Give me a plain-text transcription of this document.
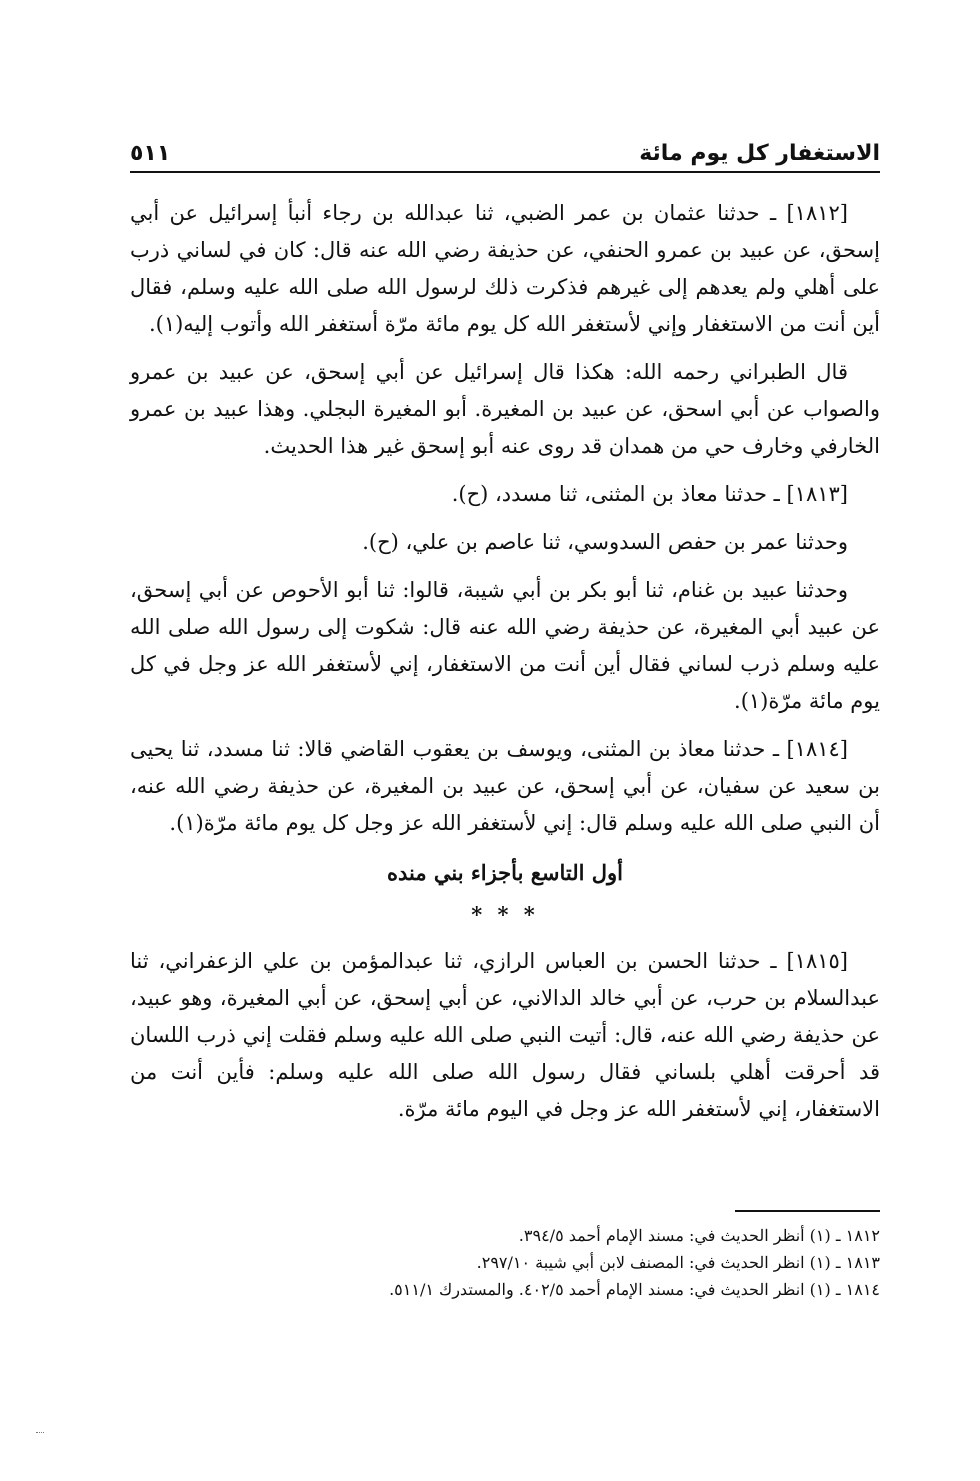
الاستغفار كل يوم مائة
٥١١

[١٨١٢] ـ حدثنا عثمان بن عمر الضبي، ثنا عبدالله بن رجاء أنبأ إسرائيل عن أبي إسحق، عن عبيد بن عمرو الحنفي، عن حذيفة رضي الله عنه قال: كان في لساني ذرب على أهلي ولم يعدهم إلى غيرهم فذكرت ذلك لرسول الله صلى الله عليه وسلم، فقال أين أنت من الاستغفار وإني لأستغفر الله كل يوم مائة مرّة أستغفر الله وأتوب إليه(١).

قال الطبراني رحمه الله: هكذا قال إسرائيل عن أبي إسحق، عن عبيد بن عمرو والصواب عن أبي اسحق، عن عبيد بن المغيرة. أبو المغيرة البجلي. وهذا عبيد بن عمرو الخارفي وخارف حي من همدان قد روى عنه أبو إسحق غير هذا الحديث.

[١٨١٣] ـ حدثنا معاذ بن المثنى، ثنا مسدد، (ح).

وحدثنا عمر بن حفص السدوسي، ثنا عاصم بن علي، (ح).

وحدثنا عبيد بن غنام، ثنا أبو بكر بن أبي شيبة، قالوا: ثنا أبو الأحوص عن أبي إسحق، عن عبيد أبي المغيرة، عن حذيفة رضي الله عنه قال: شكوت إلى رسول الله صلى الله عليه وسلم ذرب لساني فقال أين أنت من الاستغفار، إني لأستغفر الله عز وجل في كل يوم مائة مرّة(١).

[١٨١٤] ـ حدثنا معاذ بن المثنى، ويوسف بن يعقوب القاضي قالا: ثنا مسدد، ثنا يحيى بن سعيد عن سفيان، عن أبي إسحق، عن عبيد بن المغيرة، عن حذيفة رضي الله عنه، أن النبي صلى الله عليه وسلم قال: إني لأستغفر الله عز وجل كل يوم مائة مرّة(١).

أول التاسع بأجزاء بني منده

* * *

[١٨١٥] ـ حدثنا الحسن بن العباس الرازي، ثنا عبدالمؤمن بن علي الزعفراني، ثنا عبدالسلام بن حرب، عن أبي خالد الدالاني، عن أبي إسحق، عن أبي المغيرة، وهو عبيد، عن حذيفة رضي الله عنه، قال: أتيت النبي صلى الله عليه وسلم فقلت إني ذرب اللسان قد أحرقت أهلي بلساني فقال رسول الله صلى الله عليه وسلم: فأين أنت من الاستغفار، إني لأستغفر الله عز وجل في اليوم مائة مرّة.

١٨١٢ ـ (١) أنظر الحديث في: مسند الإمام أحمد ٣٩٤/٥.
١٨١٣ ـ (١) انظر الحديث في: المصنف لابن أبي شيبة ٢٩٧/١٠.
١٨١٤ ـ (١) انظر الحديث في: مسند الإمام أحمد ٤٠٢/٥. والمستدرك ٥١١/١.
